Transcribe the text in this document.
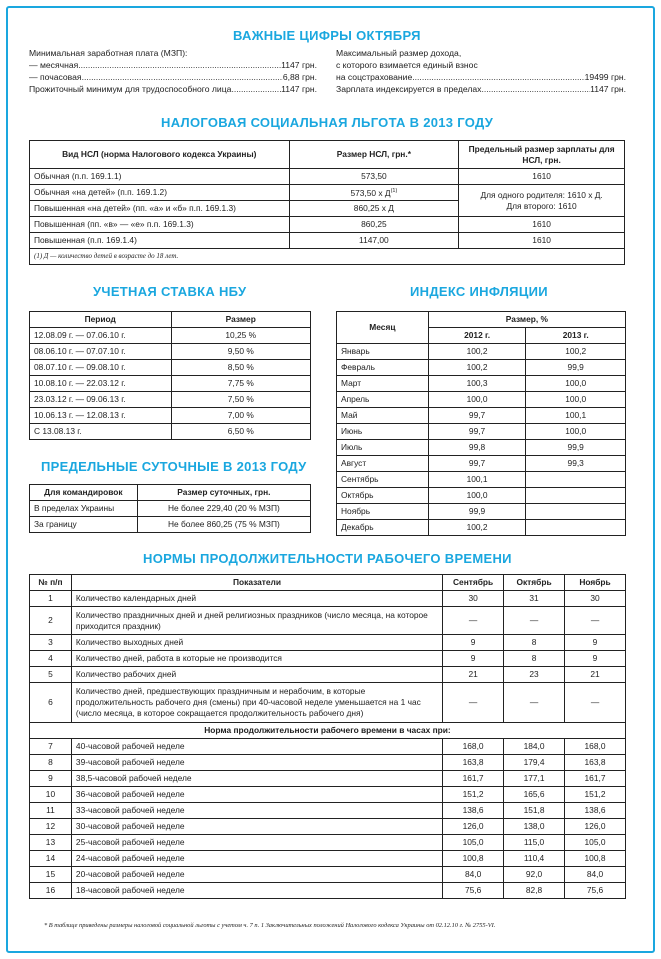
ВАЖНЫЕ ЦИФРЫ ОКТЯБРЯ
Минимальная заработная плата (МЗП):
— месячная .....	1147 грн.
— почасовая .....	6,88 грн.
Прожиточный минимум для трудоспособного лица .....	1147 грн.
Максимальный размер дохода,
с которого взимается единый взнос
на соцстрахование .....	19499 грн.
Зарплата индексируется в пределах .....	1147 грн.
НАЛОГОВАЯ СОЦИАЛЬНАЯ ЛЬГОТА В 2013 ГОДУ
Вид НСЛ (норма Налогового кодекса Украины)	Размер НСЛ, грн.*	Предельный размер зарплаты для НСЛ, грн.
Обычная (п.п. 169.1.1)	573,50	1610
Обычная «на детей» (п.п. 169.1.2)	573,50 х $Д^{(1)}$	Для одного родителя: 1610 х Д.
Для второго: 1610

Повышенная «на детей» (пп. «а» и «б» п.п. 169.1.3)	860,25 х Д	
Повышенная (пп. «в» — «е» п.п. 169.1.3)	860,25	1610
Повышенная (п.п. 169.1.4)	1147,00	1610
(1) Д — количество детей в возрасте до 18 лет.		
УЧЕТНАЯ СТАВКА НБУ
Период	Размер
12.08.09 г. — 07.06.10 г.	10,25 %
08.06.10 г. — 07.07.10 г.	9,50 %
08.07.10 г. — 09.08.10 г.	8,50 %
10.08.10 г. — 22.03.12 г.	7,75 %
23.03.12 г. — 09.06.13 г.	7,50 %
10.06.13 г. — 12.08.13 г.	7,00 %
С 13.08.13 г.	6,50 %
ПРЕДЕЛЬНЫЕ СУТОЧНЫЕ В 2013 ГОДУ
Для командировок	Размер суточных, грн.
В пределах Украины	Не более 229,40 (20 % МЗП)
За границу	Не более 860,25 (75 % МЗП)
ИНДЕКС ИНФЛЯЦИИ
Месяц	Размер, %	
	2012 г.	2013 г.
Январь	100,2	100,2
Февраль	100,2	99,9
Март	100,3	100,0
Апрель	100,0	100,0
Май	99,7	100,1
Июнь	99,7	100,0
Июль	99,8	99,9
Август	99,7	99,3
Сентябрь	100,1	
Октябрь	100,0	
Ноябрь	99,9	
Декабрь	100,2	
НОРМЫ ПРОДОЛЖИТЕЛЬНОСТИ РАБОЧЕГО ВРЕМЕНИ
№ п/п	Показатели	Сентябрь	Октябрь	Ноябрь
1	Количество календарных дней	30	31	30
2	Количество праздничных дней и дней религиозных праздников (число месяца, на которое приходится праздник)	—	—	—
3	Количество выходных дней	9	8	9
4	Количество дней, работа в которые не производится	9	8	9
5	Количество рабочих дней	21	23	21
6	Количество дней, предшествующих праздничным и нерабочим, в которые продолжительность рабочего дня (смены) при 40-часовой неделе уменьшается на 1 час (число месяца, в которое сокращается продолжительность рабочего дня)	—	—	—
Норма продолжительности рабочего времени в часах при:				
7	40-часовой рабочей неделе	168,0	184,0	168,0
8	39-часовой рабочей неделе	163,8	179,4	163,8
9	38,5-часовой рабочей неделе	161,7	177,1	161,7
10	36-часовой рабочей неделе	151,2	165,6	151,2
11	33-часовой рабочей неделе	138,6	151,8	138,6
12	30-часовой рабочей неделе	126,0	138,0	126,0
13	25-часовой рабочей неделе	105,0	115,0	105,0
14	24-часовой рабочей неделе	100,8	110,4	100,8
15	20-часовой рабочей неделе	84,0	92,0	84,0
16	18-часовой рабочей неделе	75,6	82,8	75,6
* В таблице приведены размеры налоговой социальной льготы с учетом ч. 7 п. 1 Заключительных положений Налогового кодекса Украины от 02.12.10 г. № 2755-VI.
